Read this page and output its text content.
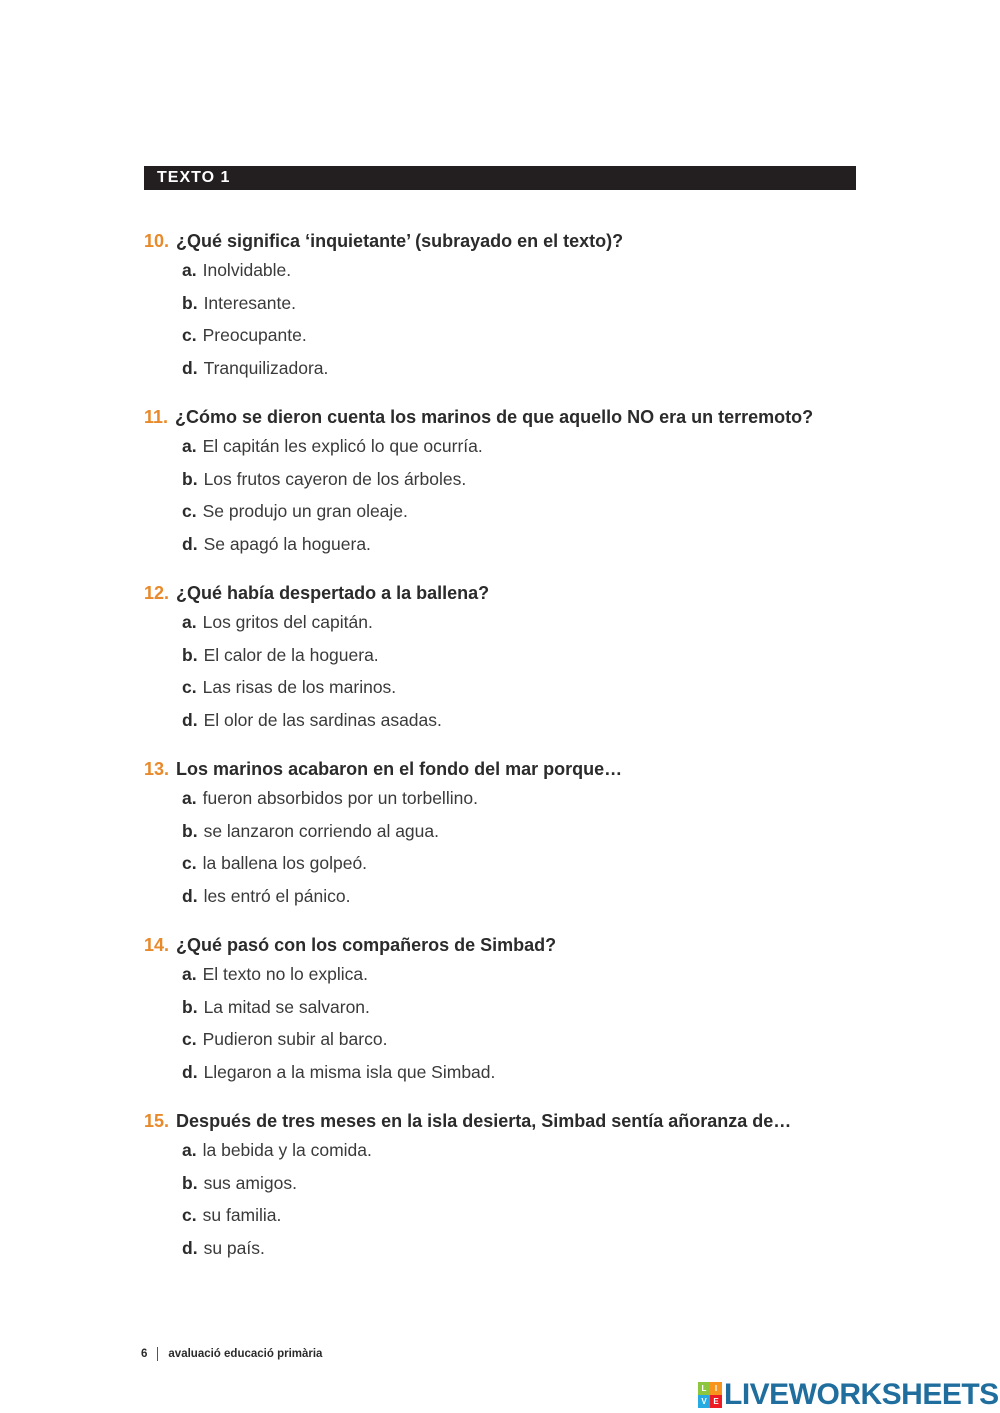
TEXTO 1
10. ¿Qué significa ‘inquietante’ (subrayado en el texto)?
a. Inolvidable.
b. Interesante.
c. Preocupante.
d. Tranquilizadora.
11. ¿Cómo se dieron cuenta los marinos de que aquello NO era un terremoto?
a. El capitán les explicó lo que ocurría.
b. Los frutos cayeron de los árboles.
c. Se produjo un gran oleaje.
d. Se apagó la hoguera.
12. ¿Qué había despertado a la ballena?
a. Los gritos del capitán.
b. El calor de la hoguera.
c. Las risas de los marinos.
d. El olor de las sardinas asadas.
13. Los marinos acabaron en el fondo del mar porque…
a. fueron absorbidos por un torbellino.
b. se lanzaron corriendo al agua.
c. la ballena los golpeó.
d. les entró el pánico.
14. ¿Qué pasó con los compañeros de Simbad?
a. El texto no lo explica.
b. La mitad se salvaron.
c. Pudieron subir al barco.
d. Llegaron a la misma isla que Simbad.
15. Después de tres meses en la isla desierta, Simbad sentía añoranza de…
a. la bebida y la comida.
b. sus amigos.
c. su familia.
d. su país.
6 avaluació educació primària
L	I
V E LIVEWORKSHEETS
